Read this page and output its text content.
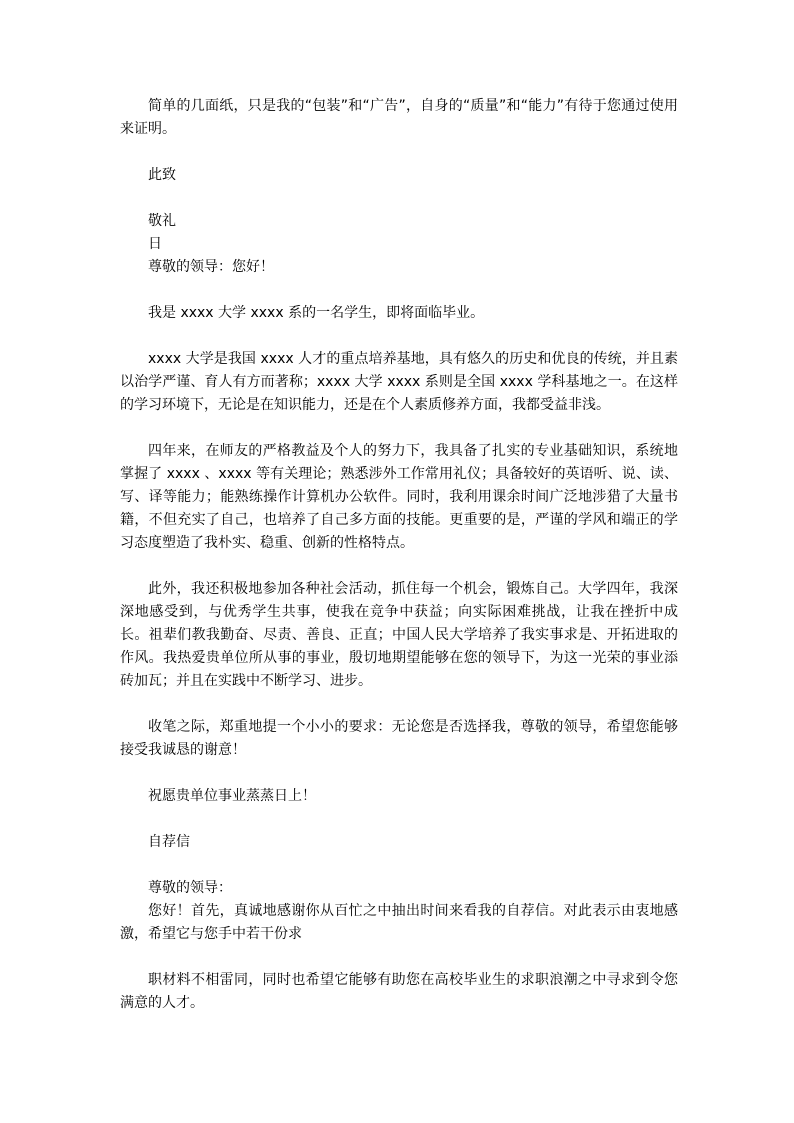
简单的几面纸，只是我的“包装”和“广告”，自身的“质量”和“能力”有待于您通过使用来证明。

此致

敬礼

日

尊敬的领导：您好！

我是 xxxx 大学 xxxx 系的一名学生，即将面临毕业。

xxxx 大学是我国 xxxx 人才的重点培养基地，具有悠久的历史和优良的传统，并且素以治学严谨、育人有方而著称；xxxx 大学 xxxx 系则是全国 xxxx 学科基地之一。在这样的学习环境下，无论是在知识能力，还是在个人素质修养方面，我都受益非浅。

四年来，在师友的严格教益及个人的努力下，我具备了扎实的专业基础知识，系统地掌握了 xxxx 、xxxx 等有关理论；熟悉涉外工作常用礼仪；具备较好的英语听、说、读、写、译等能力；能熟练操作计算机办公软件。同时，我利用课余时间广泛地涉猎了大量书籍，不但充实了自己，也培养了自己多方面的技能。更重要的是，严谨的学风和端正的学习态度塑造了我朴实、稳重、创新的性格特点。

此外，我还积极地参加各种社会活动，抓住每一个机会，锻炼自己。大学四年，我深深地感受到，与优秀学生共事，使我在竞争中获益；向实际困难挑战，让我在挫折中成长。祖辈们教我勤奋、尽责、善良、正直；中国人民大学培养了我实事求是、开拓进取的作风。我热爱贵单位所从事的事业，殷切地期望能够在您的领导下，为这一光荣的事业添砖加瓦；并且在实践中不断学习、进步。

收笔之际，郑重地提一个小小的要求：无论您是否选择我，尊敬的领导，希望您能够接受我诚恳的谢意！

祝愿贵单位事业蒸蒸日上！

自荐信

尊敬的领导：

您好！首先，真诚地感谢你从百忙之中抽出时间来看我的自荐信。对此表示由衷地感激，希望它与您手中若干份求

职材料不相雷同，同时也希望它能够有助您在高校毕业生的求职浪潮之中寻求到令您满意的人才。
